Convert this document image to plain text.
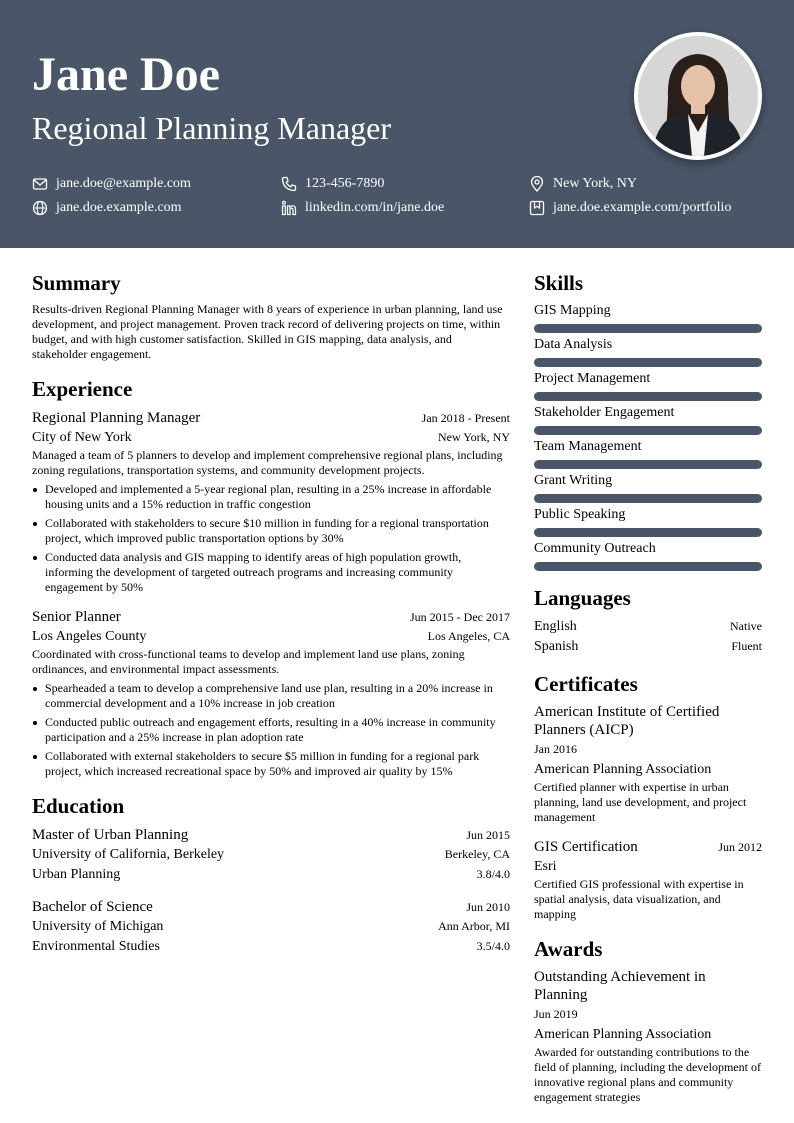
Jane Doe
Regional Planning Manager
jane.doe@example.com	123-456-7890	New York, NY
jane.doe.example.com	linkedin.com/in/jane.doe	jane.doe.example.com/portfolio
Summary

Results-driven Regional Planning Manager with 8 years of experience in urban planning, land use development, and project management. Proven track record of delivering projects on time, within budget, and with high customer satisfaction. Skilled in GIS mapping, data analysis, and stakeholder engagement.

Experience
Regional Planning Manager	Jan 2018 - Present
City of New York	New York, NY

Managed a team of 5 planners to develop and implement comprehensive regional plans, including zoning regulations, transportation systems, and community development projects.

Developed and implemented a 5-year regional plan, resulting in a 25% increase in affordable housing units and a 15% reduction in traffic congestion
Collaborated with stakeholders to secure $10 million in funding for a regional transportation project, which improved public transportation options by 30%
Conducted data analysis and GIS mapping to identify areas of high population growth, informing the development of targeted outreach programs and increasing community engagement by 50%
Senior Planner	Jun 2015 - Dec 2017
Los Angeles County	Los Angeles, CA

Coordinated with cross-functional teams to develop and implement land use plans, zoning ordinances, and environmental impact assessments.

Spearheaded a team to develop a comprehensive land use plan, resulting in a 20% increase in commercial development and a 10% increase in job creation
Conducted public outreach and engagement efforts, resulting in a 40% increase in community participation and a 25% increase in plan adoption rate
Collaborated with external stakeholders to secure $5 million in funding for a regional park project, which increased recreational space by 50% and improved air quality by 15%
Education
Master of Urban Planning	Jun 2015
University of California, Berkeley	Berkeley, CA
Urban Planning	3.8/4.0
Bachelor of Science	Jun 2010
University of Michigan	Ann Arbor, MI
Environmental Studies	3.5/4.0
Skills
GIS Mapping
Data Analysis
Project Management
Stakeholder Engagement
Team Management
Grant Writing
Public Speaking
Community Outreach
Languages
English	Native
Spanish	Fluent
Certificates
American Institute of Certified Planners (AICP)
Jan 2016
American Planning Association

Certified planner with expertise in urban planning, land use development, and project management

GIS Certification	Jun 2012
Esri

Certified GIS professional with expertise in spatial analysis, data visualization, and mapping

Awards
Outstanding Achievement in Planning
Jun 2019
American Planning Association

Awarded for outstanding contributions to the field of planning, including the development of innovative regional plans and community engagement strategies
